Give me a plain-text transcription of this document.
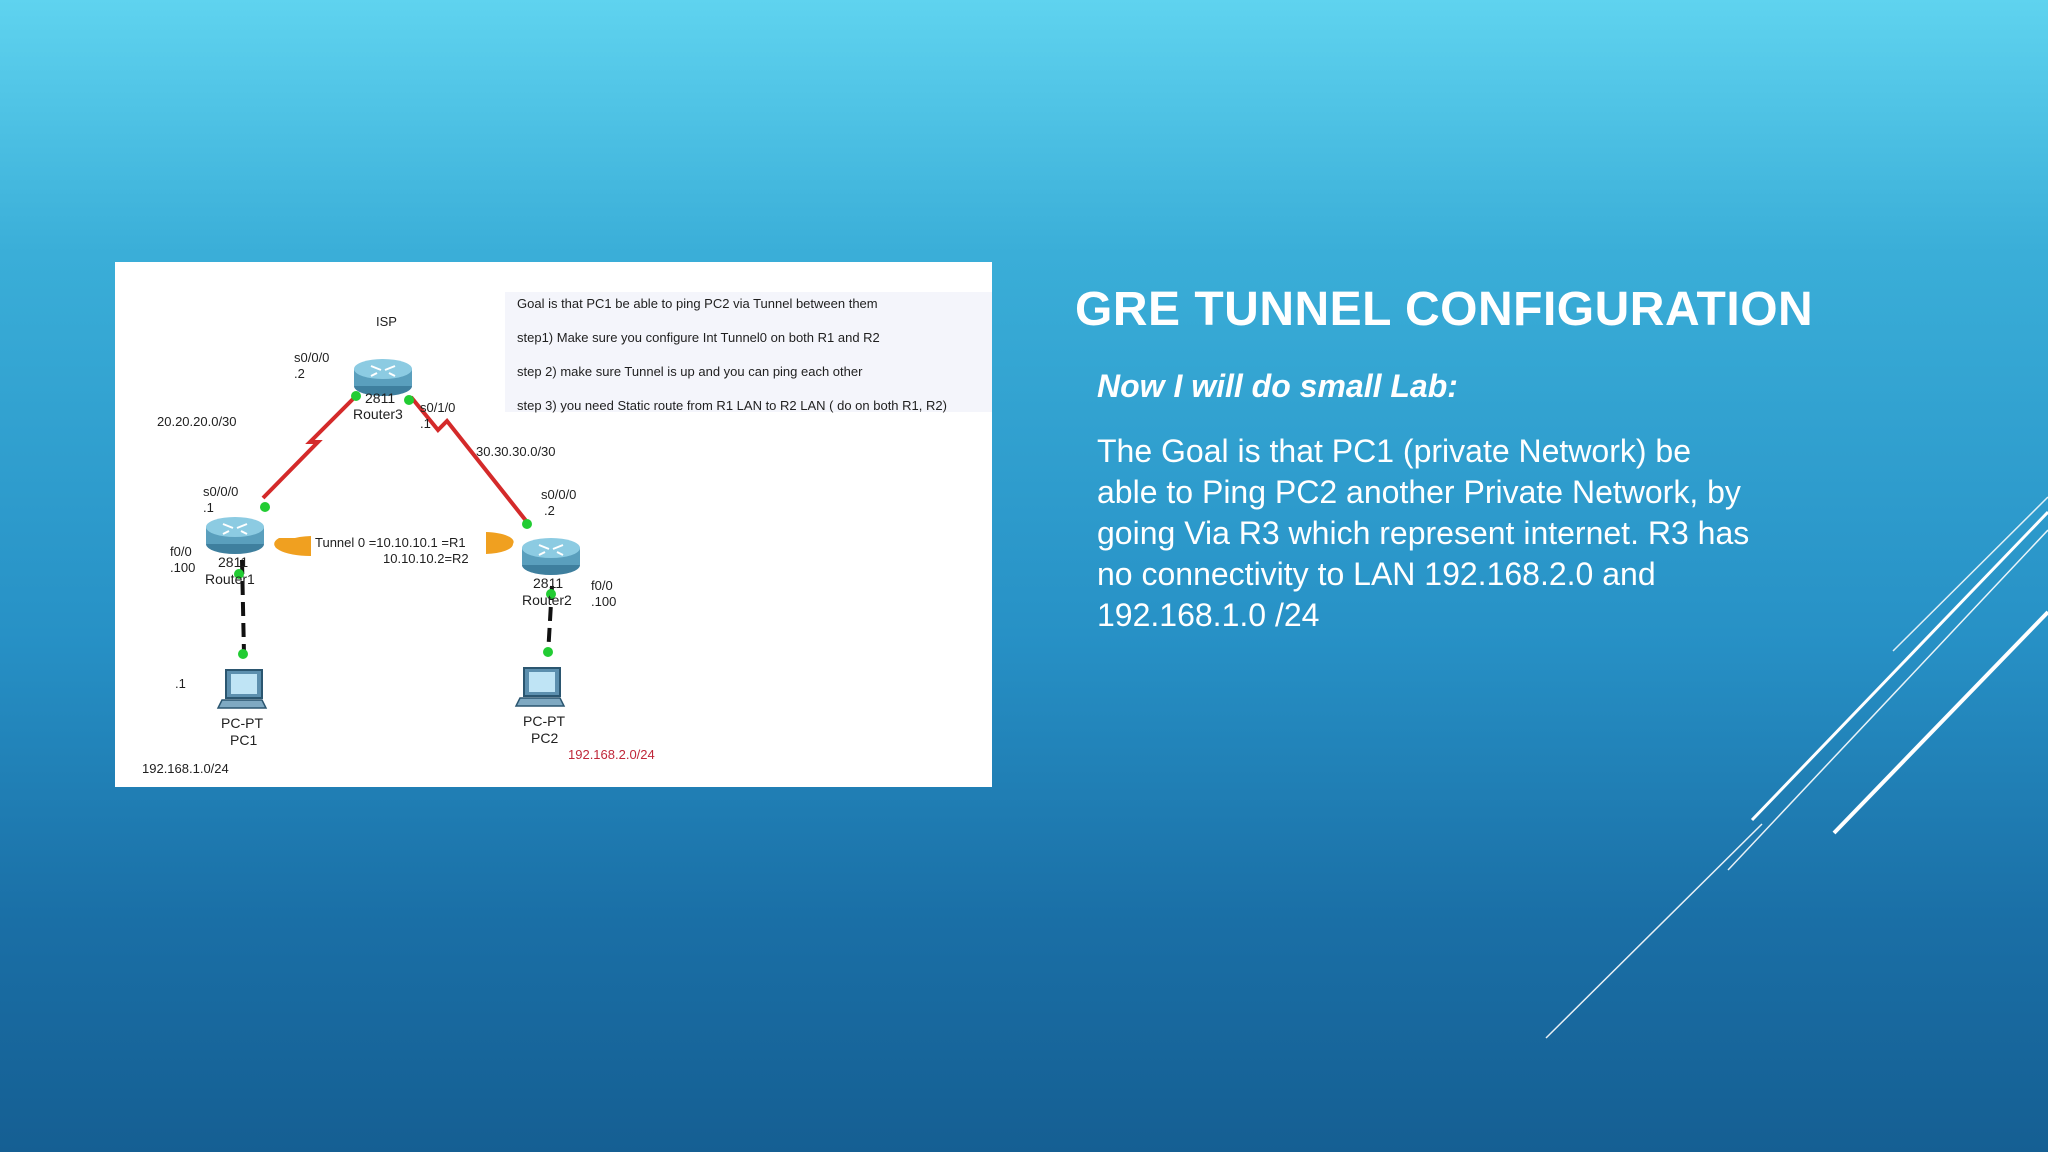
Goal is that PC1 be able to ping PC2 via Tunnel between them
step1) Make sure you configure Int Tunnel0 on both R1 and R2
step 2) make sure Tunnel is up and you can ping each other
step 3) you need Static route from R1 LAN to R2 LAN ( do on both R1, R2)
ISP
s0/0/0
.2
2811
Router3 s0/1/0
.1
20.20.20.0/30
30.30.30.0/30
s0/0/0
.1
f0/0
.100 2811
Router1
Tunnel 0 =10.10.10.1 =R1
10.10.10.2=R2
s0/0/0
.2
2811
Router2
f0/0
.100
.1
PC-PT
PC1
192.168.1.0/24
PC-PT
PC2
192.168.2.0/24
GRE TUNNEL CONFIGURATION
Now I will do small Lab:
The Goal is that PC1 (private Network) be
able to Ping PC2 another Private Network, by
going Via R3 which represent internet. R3 has
no connectivity to LAN 192.168.2.0 and
192.168.1.0 /24
